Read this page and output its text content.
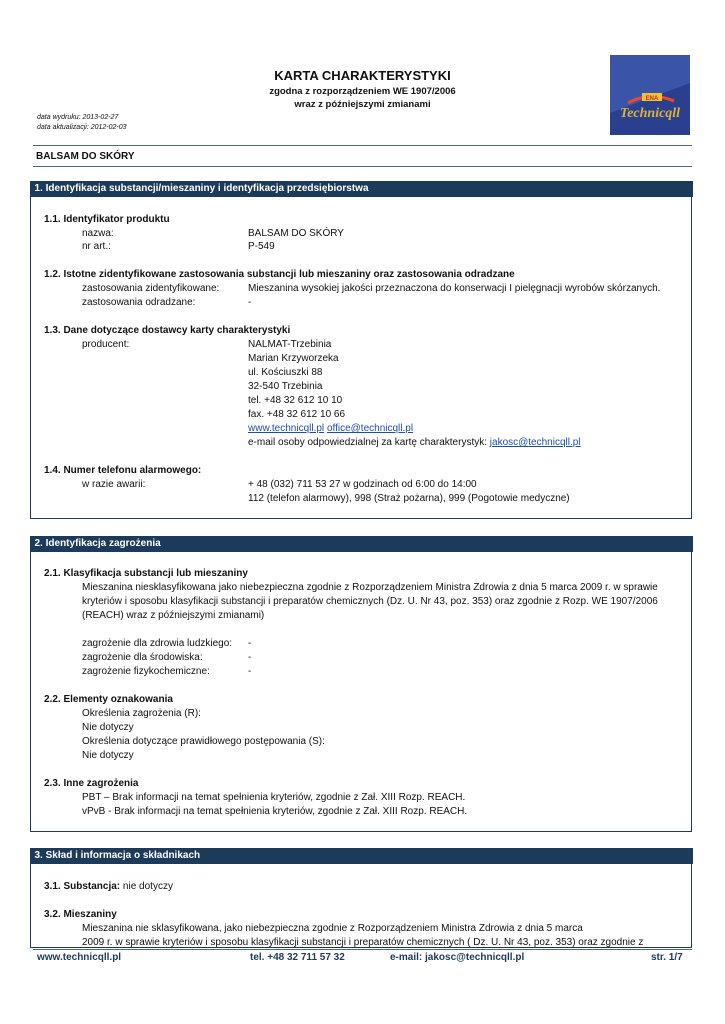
KARTA CHARAKTERYSTYKI
zgodna z rozporządzeniem WE 1907/2006
wraz z późniejszymi zmianami	ENA
Technicqll
data wydruku: 2013-02-27
data aktualizacji: 2012-02-03
BALSAM DO SKÓRY
1. Identyfikacja substancji/mieszaniny i identyfikacja przedsiębiorstwa
1.1. Identyfikator produktu
nazwa:	BALSAM DO SKÓRY
nr art.:	P-549
1.2. Istotne zidentyfikowane zastosowania substancji lub mieszaniny oraz zastosowania odradzane
zastosowania zidentyfikowane:	Mieszanina wysokiej jakości przeznaczona do konserwacji I pielęgnacji wyrobów skórzanych.
zastosowania odradzane:	-
1.3. Dane dotyczące dostawcy karty charakterystyki
producent:	NALMAT-Trzebinia
Marian Krzyworzeka
ul. Kościuszki 88
32-540 Trzebinia
tel. +48 32 612 10 10
fax. +48 32 612 10 66
www.technicqll.pl office@technicqll.pl
e-mail osoby odpowiedzialnej za kartę charakterystyk: jakosc@technicqll.pl
1.4. Numer telefonu alarmowego:
w razie awarii:	+ 48 (032) 711 53 27 w godzinach od 6:00 do 14:00
112 (telefon alarmowy), 998 (Straż pożarna), 999 (Pogotowie medyczne)
2. Identyfikacja zagrożenia
2.1. Klasyfikacja substancji lub mieszaniny
Mieszanina niesklasyfikowana jako niebezpieczna zgodnie z Rozporządzeniem Ministra Zdrowia z dnia 5 marca 2009 r. w sprawie
kryteriów i sposobu klasyfikacji substancji i preparatów chemicznych (Dz. U. Nr 43, poz. 353) oraz zgodnie z Rozp. WE 1907/2006
(REACH) wraz z późniejszymi zmianami)
zagrożenie dla zdrowia ludzkiego: -
zagrożenie dla środowiska:	-
zagrożenie fizykochemiczne:	-
2.2. Elementy oznakowania
Określenia zagrożenia (R):
Nie dotyczy
Określenia dotyczące prawidłowego postępowania (S):
Nie dotyczy
2.3. Inne zagrożenia
PBT – Brak informacji na temat spełnienia kryteriów, zgodnie z Zał. XIII Rozp. REACH.
vPvB - Brak informacji na temat spełnienia kryteriów, zgodnie z Zał. XIII Rozp. REACH.
3. Skład i informacja o składnikach
3.1. Substancja: nie dotyczy
3.2. Mieszaniny
Mieszanina nie sklasyfikowana, jako niebezpieczna zgodnie z Rozporządzeniem Ministra Zdrowia z dnia 5 marca
2009 r. w sprawie kryteriów i sposobu klasyfikacji substancji i preparatów chemicznych ( Dz. U. Nr 43, poz. 353) oraz zgodnie z
www.technicqll.pl	tel. +48 32 711 57 32	e-mail: jakosc@technicqll.pl	str. 1/7
